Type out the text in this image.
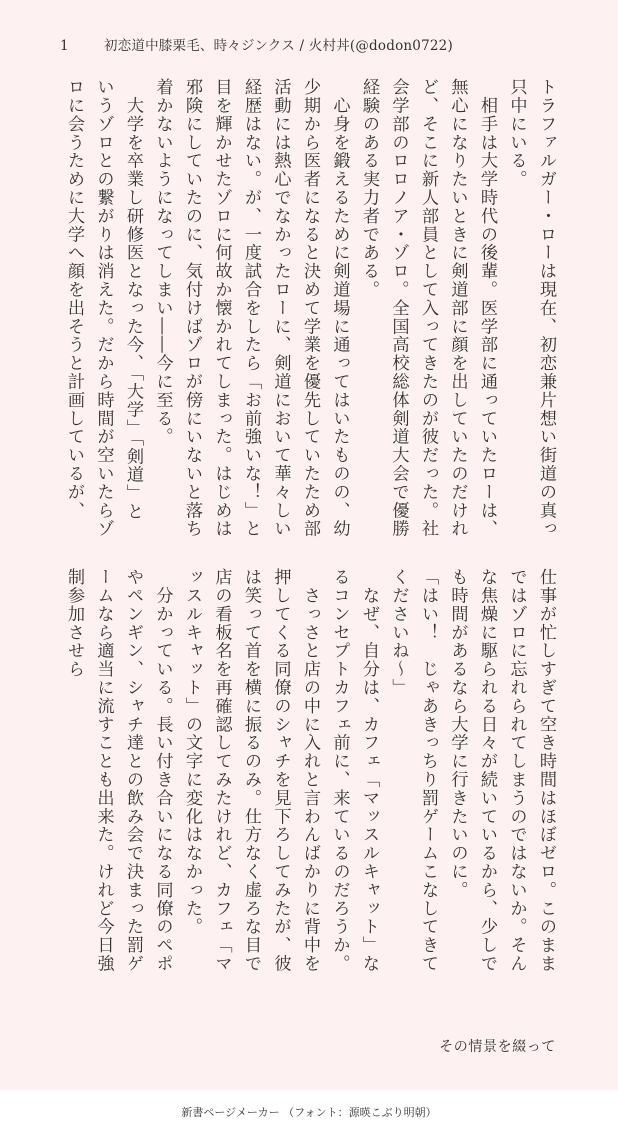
1	初恋道中膝栗毛、時々ジンクス / 火村丼(@dodon0722)

トラファルガー・ローは現在、初恋兼片想い街道の真っ只中にいる。

　相手は大学時代の後輩。医学部に通っていたローは、無心になりたいときに剣道部に顔を出していたのだけれど、そこに新人部員として入ってきたのが彼だった。社会学部のロロノア・ゾロ。全国高校総体剣道大会で優勝経験のある実力者である。

　心身を鍛えるために剣道場に通ってはいたものの、幼少期から医者になると決めて学業を優先していたため部活動には熱心でなかったローに、剣道において華々しい経歴はない。が、一度試合をしたら「お前強いな！」と目を輝かせたゾロに何故か懐かれてしまった。はじめは邪険にしていたのに、気付けばゾロが傍にいないと落ち着かないようになってしまい――今に至る。

　大学を卒業し研修医となった今、「大学」「剣道」というゾロとの繋がりは消えた。だから時間が空いたらゾロに会うために大学へ顔を出そうと計画しているが、

仕事が忙しすぎて空き時間はほぼゼロ。このままではゾロに忘れられてしまうのではないか。そんな焦燥に駆られる日々が続いているから、少しでも時間があるなら大学に行きたいのに。

「はい！　じゃあきっちり罰ゲームこなしてきてくださいね～」

　なぜ、自分は、カフェ「マッスルキャット」なるコンセプトカフェ前に、来ているのだろうか。

　さっさと店の中に入れと言わんばかりに背中を押してくる同僚のシャチを見下ろしてみたが、彼は笑って首を横に振るのみ。仕方なく虚ろな目で店の看板名を再確認してみたけれど、カフェ「マッスルキャット」の文字に変化はなかった。

　分かっている。長い付き合いになる同僚のペポやペンギン、シャチ達との飲み会で決まった罰ゲームなら適当に流すことも出来た。けれど今日強制参加させら

その情景を綴って
新書ページメーカー （フォント：源暎こぶり明朝）
